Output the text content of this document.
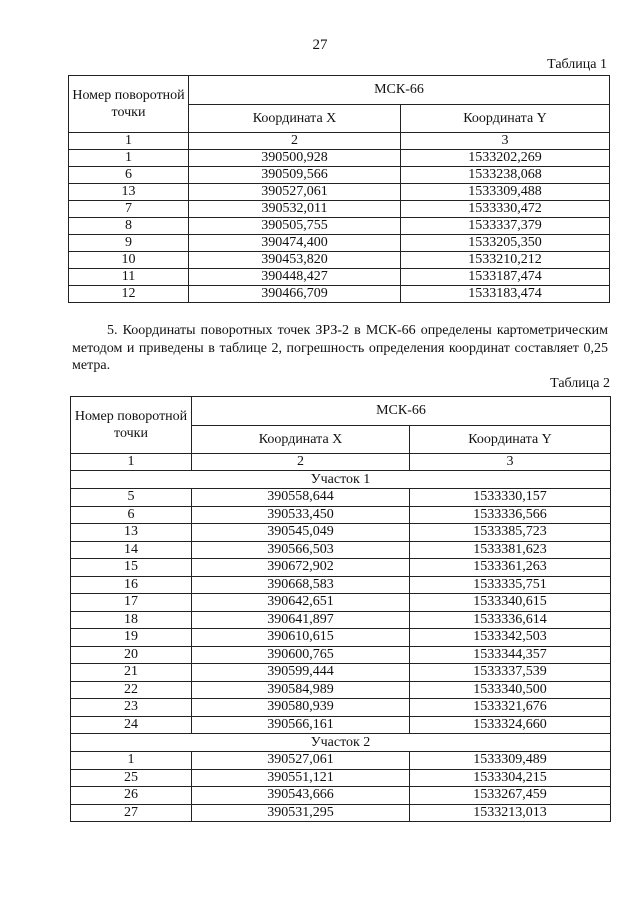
27
Таблица 1
Номер поворотной точки	МСК-66	
	Координата X	Координата Y
1	2	3
1	390500,928	1533202,269
6	390509,566	1533238,068
13	390527,061	1533309,488
7	390532,011	1533330,472
8	390505,755	1533337,379
9	390474,400	1533205,350
10	390453,820	1533210,212
11	390448,427	1533187,474
12	390466,709	1533183,474
5. Координаты поворотных точек ЗРЗ-2 в МСК-66 определены картометрическим методом и приведены в таблице 2, погрешность определения координат составляет 0,25 метра.
Таблица 2
Номер поворотной точки	МСК-66	
	Координата X	Координата Y
1	2	3
Участок 1		
5	390558,644	1533330,157
6	390533,450	1533336,566
13	390545,049	1533385,723
14	390566,503	1533381,623
15	390672,902	1533361,263
16	390668,583	1533335,751
17	390642,651	1533340,615
18	390641,897	1533336,614
19	390610,615	1533342,503
20	390600,765	1533344,357
21	390599,444	1533337,539
22	390584,989	1533340,500
23	390580,939	1533321,676
24	390566,161	1533324,660
Участок 2		
1	390527,061	1533309,489
25	390551,121	1533304,215
26	390543,666	1533267,459
27	390531,295	1533213,013
